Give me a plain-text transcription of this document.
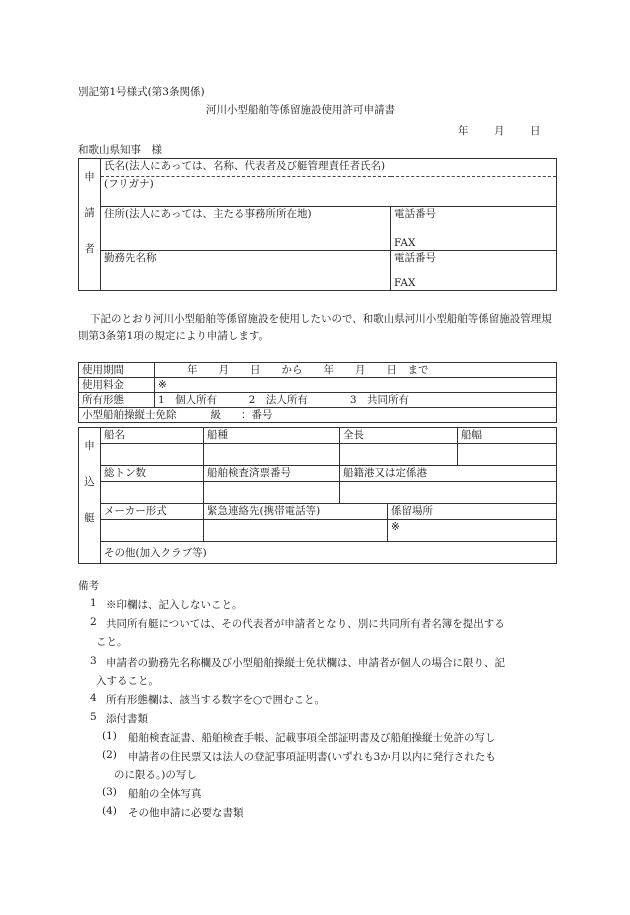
別記第1号様式(第3条関係)
河川小型船舶等係留施設使用許可申請書
年 月 日
和歌山県知事　様
申
請
者	氏名(法人にあっては、名称、代表者及び艇管理責任者氏名)	
	(フリガナ)	
	住所(法人にあっては、主たる事務所所在地)	電話番号
		FAX
	勤務先名称	電話番号
		FAX
下記のとおり河川小型船舶等係留施設を使用したいので、和歌山県河川小型船舶等係留施設管理規則第3条第1項の規定により申請します。
使用期間	年　　月　　日　　から　　年　　月　　日　まで
使用料金	※
所有形態	1　個人所有　　　2　法人所有　　　　3　共同所有
小型船舶操縦士免除 級 ：番号	
申
込
艇	船名	船種	全長		船幅

	総トン数	船舶検査済票番号	船籍港又は定係港		

	メーカー形式	緊急連絡先(携帯電話等)		係留場所	
				※	
	その他(加入クラブ等)				
備考
1 ※印欄は、記入しないこと。
2 共同所有艇については、その代表者が申請者となり、別に共同所有者名簿を提出する
こと。
3 申請者の勤務先名称欄及び小型船舶操縦士免状欄は、申請者が個人の場合に限り、記
入すること。
4 所有形態欄は、該当する数字を○で囲むこと。
5 添付書類
(1) 船舶検査証書、船舶検査手帳、記載事項全部証明書及び船舶操縦士免許の写し
(2) 申請者の住民票又は法人の登記事項証明書(いずれも3か月以内に発行されたも
のに限る。)の写し
(3) 船舶の全体写真
(4) その他申請に必要な書類
